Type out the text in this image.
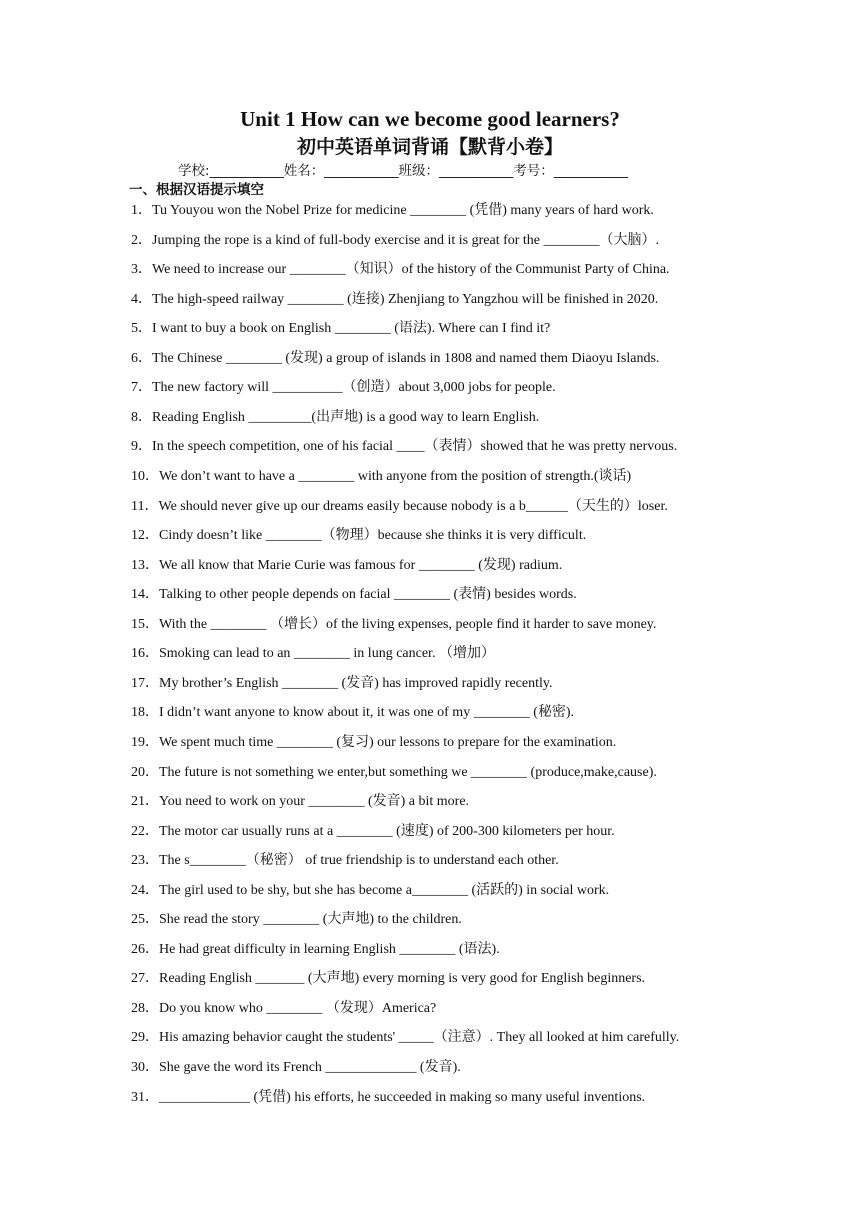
Unit 1 How can we become good learners?
初中英语单词背诵【默背小卷】
学校:___________姓名：___________班级：___________考号：___________
一、根据汉语提示填空
1．Tu Youyou won the Nobel Prize for medicine ________ (凭借) many years of hard work.
2．Jumping the rope is a kind of full-body exercise and it is great for the ________（大脑）.
3．We need to increase our ________（知识）of the history of the Communist Party of China.
4．The high-speed railway ________ (连接) Zhenjiang to Yangzhou will be finished in 2020.
5．I want to buy a book on English ________ (语法). Where can I find it?
6．The Chinese ________ (发现) a group of islands in 1808 and named them Diaoyu Islands.
7．The new factory will __________（创造）about 3,000 jobs for people.
8．Reading English _________(出声地) is a good way to learn English.
9．In the speech competition, one of his facial ____（表情）showed that he was pretty nervous.
10．We don’t want to have a ________ with anyone from the position of strength.(谈话)
11．We should never give up our dreams easily because nobody is a b______（天生的）loser.
12．Cindy doesn’t like ________（物理）because she thinks it is very difficult.
13．We all know that Marie Curie was famous for ________ (发现) radium.
14．Talking to other people depends on facial ________ (表情) besides words.
15．With the ________ （增长）of the living expenses, people find it harder to save money.
16．Smoking can lead to an ________ in lung cancer. （增加）
17．My brother’s English ________ (发音) has improved rapidly recently.
18．I didn’t want anyone to know about it, it was one of my ________ (秘密).
19．We spent much time ________ (复习) our lessons to prepare for the examination.
20．The future is not something we enter,but something we ________ (produce,make,cause).
21．You need to work on your ________ (发音) a bit more.
22．The motor car usually runs at a ________ (速度) of 200-300 kilometers per hour.
23．The s________（秘密） of true friendship is to understand each other.
24．The girl used to be shy, but she has become a________ (活跃的) in social work.
25．She read the story ________ (大声地) to the children.
26．He had great difficulty in learning English ________ (语法).
27．Reading English _______ (大声地) every morning is very good for English beginners.
28．Do you know who ________ （发现）America?
29．His amazing behavior caught the students' _____（注意）. They all looked at him carefully.
30．She gave the word its French _____________ (发音).
31．_____________ (凭借) his efforts, he succeeded in making so many useful inventions.
